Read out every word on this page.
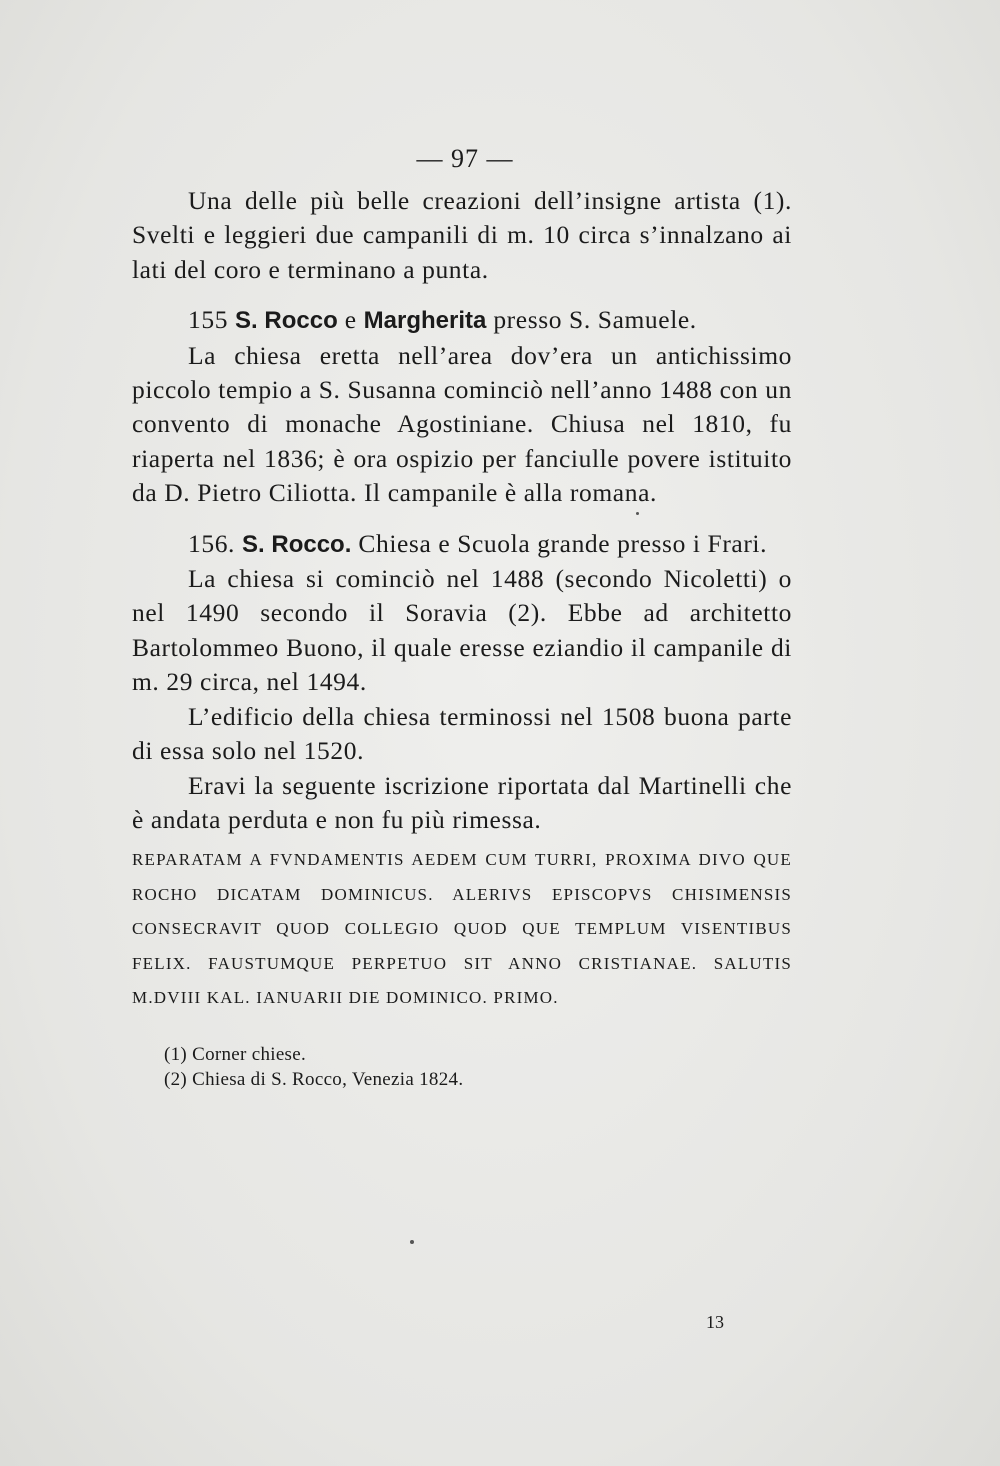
— 97 —

Una delle più belle creazioni dell’insigne artista (1). Svelti e leggieri due campanili di m. 10 circa s’innalzano ai lati del coro e terminano a punta.

155 S. Rocco e Margherita presso S. Samuele.

La chiesa eretta nell’area dov’era un antichissimo piccolo tempio a S. Susanna cominciò nell’anno 1488 con un convento di monache Agostiniane. Chiusa nel 1810, fu riaperta nel 1836; è ora ospizio per fanciulle povere istituito da D. Pietro Ciliotta. Il campanile è alla romana.

156. S. Rocco. Chiesa e Scuola grande presso i Frari.

La chiesa si cominciò nel 1488 (secondo Nicoletti) o nel 1490 secondo il Soravia (2). Ebbe ad architetto Bartolommeo Buono, il quale eresse eziandio il campanile di m. 29 circa, nel 1494.

L’edificio della chiesa terminossi nel 1508 buona parte di essa solo nel 1520.

Eravi la seguente iscrizione riportata dal Martinelli che è andata perduta e non fu più rimessa.

REPARATAM A FVNDAMENTIS AEDEM CUM TURRI, PROXIMA DIVO QUE ROCHO DICATAM DOMINICUS. ALERIVS EPISCOPVS CHISIMENSIS CONSECRAVIT QUOD COLLEGIO QUOD QUE TEMPLUM VISENTIBUS FELIX. FAUSTUMQUE PERPETUO SIT ANNO CRISTIANAE. SALUTIS M.DVIII KAL. IANUARII DIE DOMINICO. PRIMO.
(1) Corner chiese.
(2) Chiesa di S. Rocco, Venezia 1824.
13
